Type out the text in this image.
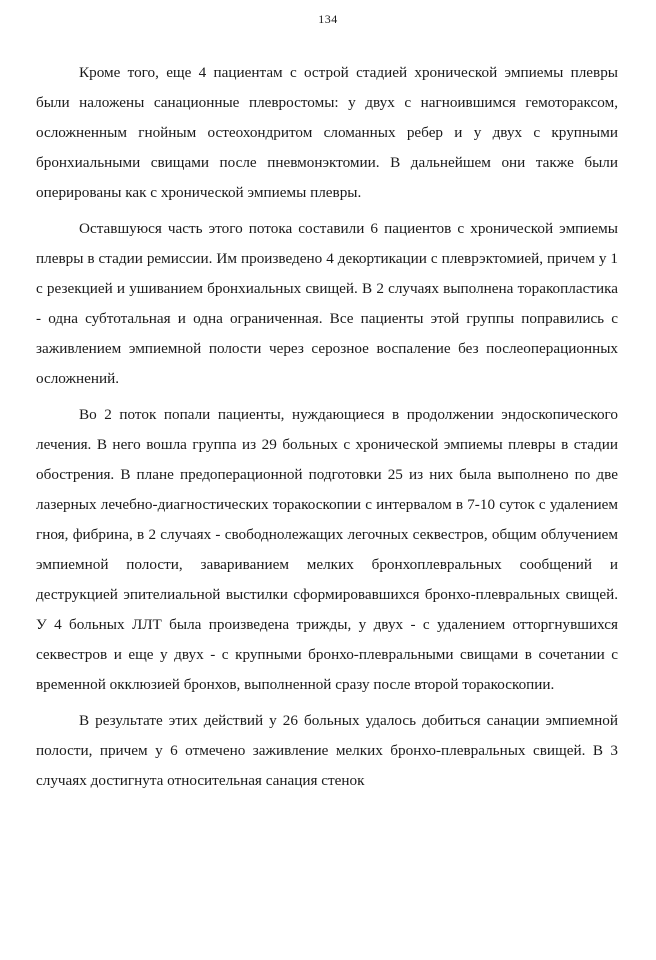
134

Кроме того, еще 4 пациентам с острой стадией хронической эмпиемы плевры были наложены санационные плевростомы: у двух с нагноившимся гемотораксом, осложненным гнойным остеохондритом сломанных ребер и у двух с крупными бронхиальными свищами после пневмонэктомии. В дальнейшем они также были оперированы как с хронической эмпиемы плевры.

Оставшуюся часть этого потока составили 6 пациентов с хронической эмпиемы плевры в стадии ремиссии. Им произведено 4 декортикации с плеврэктомией, причем у 1 с резекцией и ушиванием бронхиальных свищей. В 2 случаях выполнена торакопластика - одна субтотальная и одна ограниченная. Все пациенты этой группы поправились с заживлением эмпиемной полости через серозное воспаление без послеоперационных осложнений.

Во 2 поток попали пациенты, нуждающиеся в продолжении эндоскопического лечения. В него вошла группа из 29 больных с хронической эмпиемы плевры в стадии обострения. В плане предоперационной подготовки 25 из них была выполнено по две лазерных лечебно-диагностических торакоскопии с интервалом в 7-10 суток с удалением гноя, фибрина, в 2 случаях - свободнолежащих легочных секвестров, общим облучением эмпиемной полости, завариванием мелких бронхоплевральных сообщений и деструкцией эпителиальной выстилки сформировавшихся бронхо-плевральных свищей. У 4 больных ЛЛТ была произведена трижды, у двух - с удалением отторгнувшихся секвестров и еще у двух - с крупными бронхо-плевральными свищами в сочетании с временной окклюзией бронхов, выполненной сразу после второй торакоскопии.

В результате этих действий у 26 больных удалось добиться санации эмпиемной полости, причем у 6 отмечено заживление мелких бронхо-плевральных свищей. В 3 случаях достигнута относительная санация стенок
